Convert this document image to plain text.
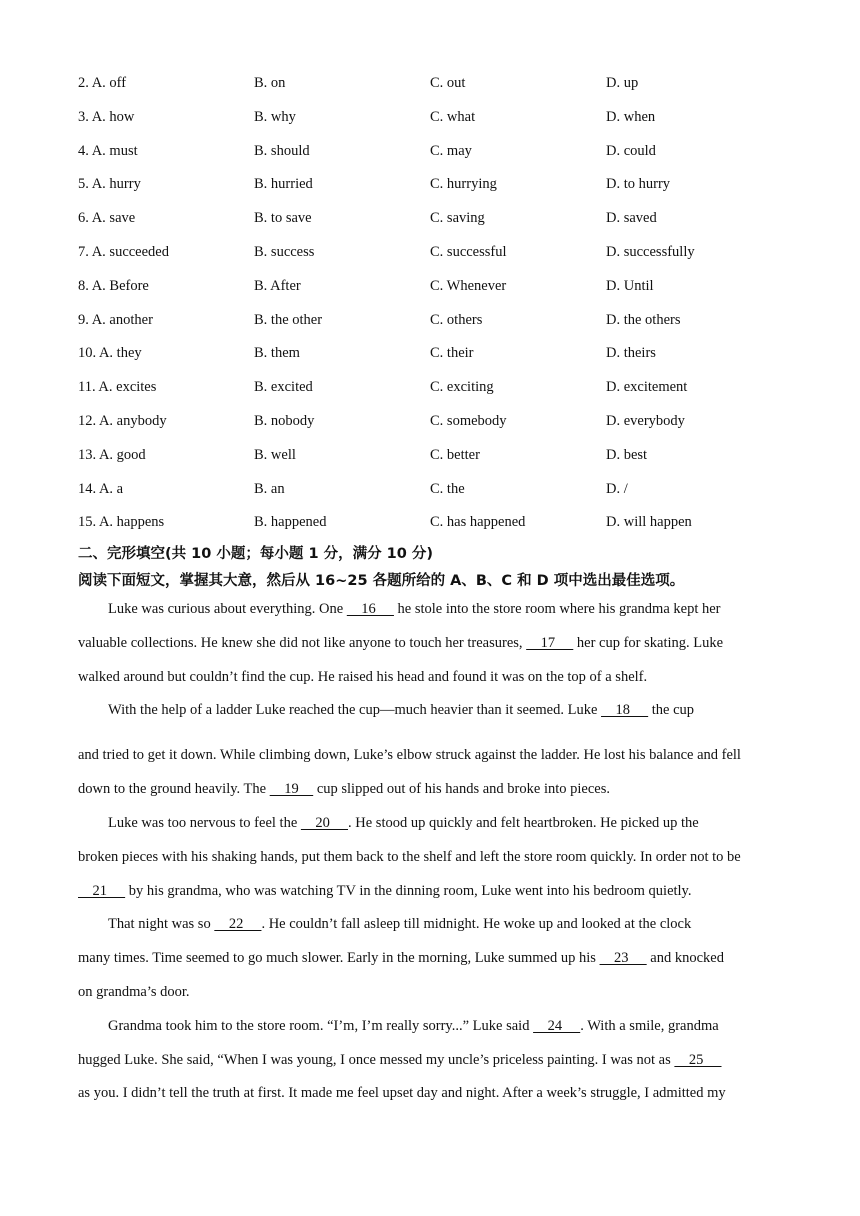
2. A. off	B. on	C. out	D. up
3. A. how	B. why	C. what	D. when
4. A. must	B. should	C. may	D. could
5. A. hurry	B. hurried	C. hurrying	D. to hurry
6. A. save	B. to save	C. saving	D. saved
7. A. succeeded	B. success	C. successful	D. successfully
8. A. Before	B. After	C. Whenever	D. Until
9. A. another	B. the other	C. others	D. the others
10. A. they	B. them	C. their	D. theirs
11. A. excites	B. excited	C. exciting	D. excitement
12. A. anybody	B. nobody	C. somebody	D. everybody
13. A. good	B. well	C. better	D. best
14. A. a	B. an	C. the	D. /
15. A. happens	B. happened	C. has happened	D. will happen
二、完形填空(共 10 小题；每小题 1 分，满分 10 分)
阅读下面短文，掌握其大意，然后从 16~25 各题所给的 A、B、C 和 D 项中选出最佳选项。
Luke was curious about everything. One     16      he stole into the store room where his grandma kept her
valuable collections. He knew she did not like anyone to touch her treasures,     17      her cup for skating. Luke
walked around but couldn’t find the cup. He raised his head and found it was on the top of a shelf.
With the help of a ladder Luke reached the cup—much heavier than it seemed. Luke     18      the cup
and tried to get it down. While climbing down, Luke’s elbow struck against the ladder. He lost his balance and fell
down to the ground heavily. The     19     cup slipped out of his hands and broke into pieces.
Luke was too nervous to feel the     20     . He stood up quickly and felt heartbroken. He picked up the
broken pieces with his shaking hands, put them back to the shelf and left the store room quickly. In order not to be
21      by his grandma, who was watching TV in the dinning room, Luke went into his bedroom quietly.
That night was so     22     . He couldn’t fall asleep till midnight. He woke up and looked at the clock
many times. Time seemed to go much slower. Early in the morning, Luke summed up his     23      and knocked
on grandma’s door.
Grandma took him to the store room. “I’m, I’m really sorry...” Luke said     24     . With a smile, grandma
hugged Luke. She said, “When I was young, I once messed my uncle’s priceless painting. I was not as     25
as you. I didn’t tell the truth at first. It made me feel upset day and night. After a week’s struggle, I admitted my
